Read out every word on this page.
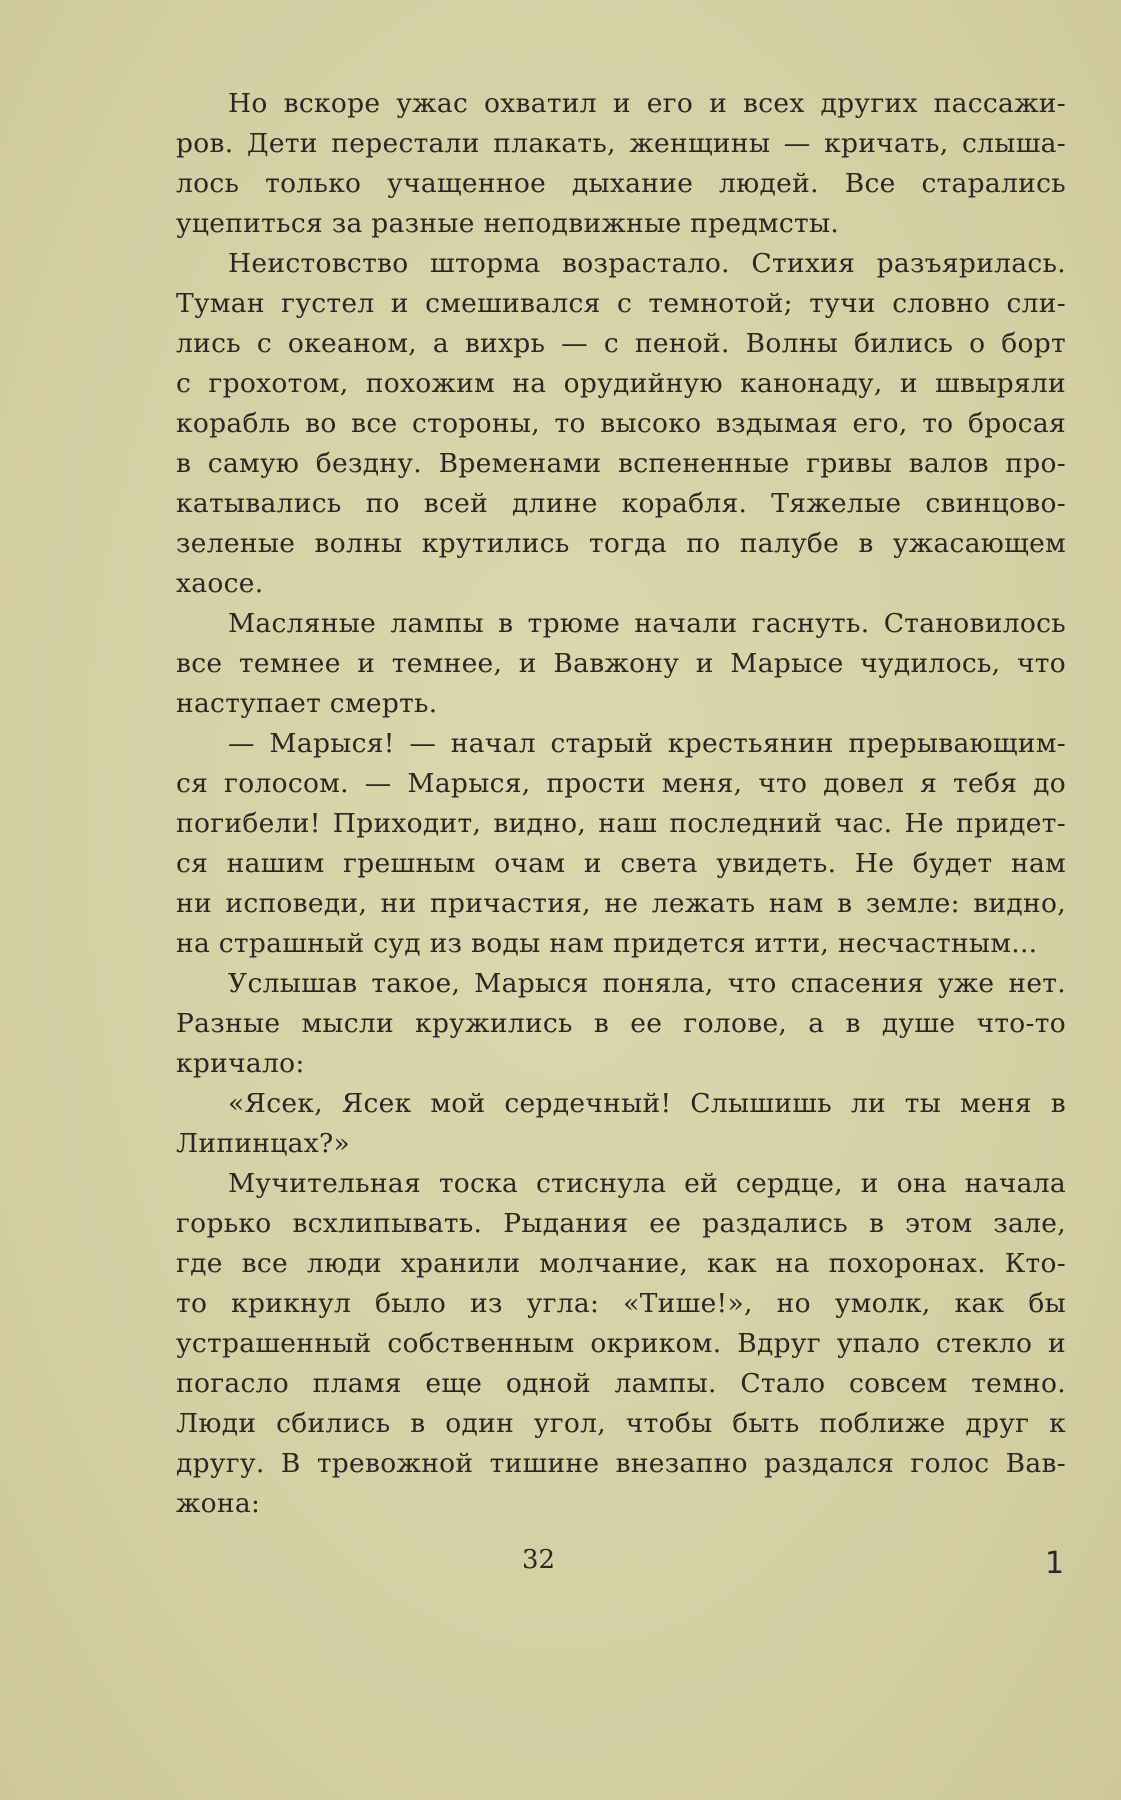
Но вскоре ужас охватил и его и всех других пассажи-
ров. Дети перестали плакать, женщины — кричать, слыша-
лось только учащенное дыхание людей. Все старались
уцепиться за разные неподвижные предмсты.
Неистовство шторма возрастало. Стихия разъярилась.
Туман густел и смешивался с темнотой; тучи словно сли-
лись с океаном, а вихрь — с пеной. Волны бились о борт
с грохотом, похожим на орудийную канонаду, и швыряли
корабль во все стороны, то высоко вздымая его, то бросая
в самую бездну. Временами вспененные гривы валов про-
катывались по всей длине корабля. Тяжелые свинцово-
зеленые волны крутились тогда по палубе в ужасающем
хаосе.
Масляные лампы в трюме начали гаснуть. Становилось
все темнее и темнее, и Вавжону и Марысе чудилось, что
наступает смерть.
— Марыся! — начал старый крестьянин прерывающим-
ся голосом. — Марыся, прости меня, что довел я тебя до
погибели! Приходит, видно, наш последний час. Не придет-
ся нашим грешным очам и света увидеть. Не будет нам
ни исповеди, ни причастия, не лежать нам в земле: видно,
на страшный суд из воды нам придется итти, несчастным...
Услышав такое, Марыся поняла, что спасения уже нет.
Разные мысли кружились в ее голове, а в душе что-то
кричало:
«Ясек, Ясек мой сердечный! Слышишь ли ты меня в
Липинцах?»
Мучительная тоска стиснула ей сердце, и она начала
горько всхлипывать. Рыдания ее раздались в этом зале,
где все люди хранили молчание, как на похоронах. Кто-
то крикнул было из угла: «Тише!», но умолк, как бы
устрашенный собственным окриком. Вдруг упало стекло и
погасло пламя еще одной лампы. Стало совсем темно.
Люди сбились в один угол, чтобы быть поближе друг к
другу. В тревожной тишине внезапно раздался голос Вав-
жона:
32	1
